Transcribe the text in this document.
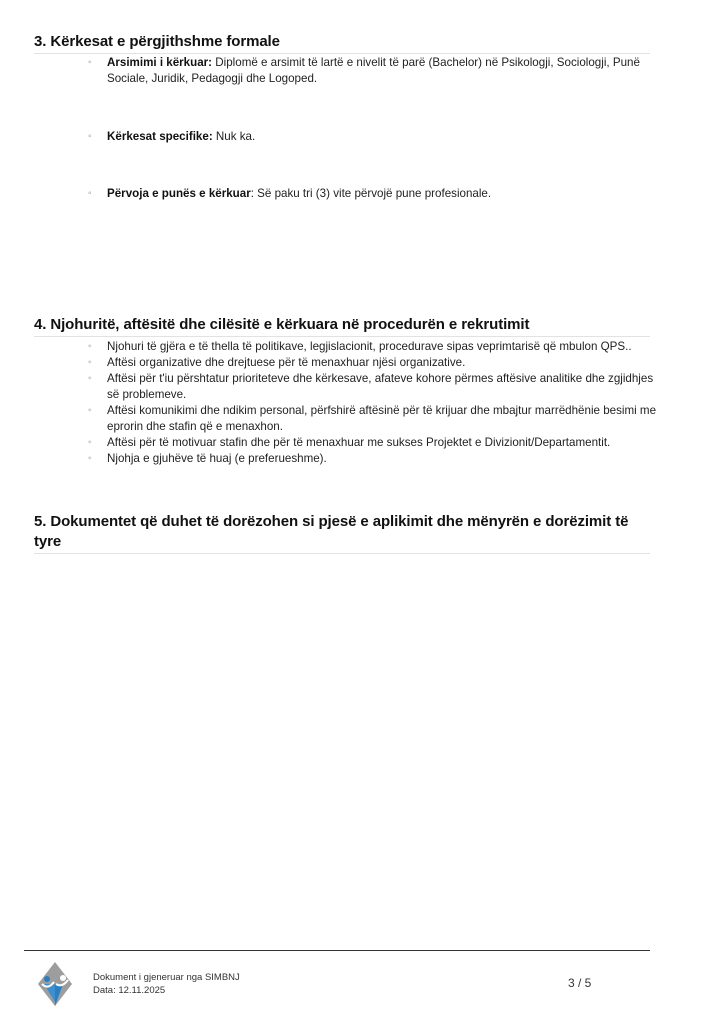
3. Kërkesat e përgjithshme formale
◦ Arsimimi i kërkuar: Diplomë e arsimit të lartë e nivelit të parë (Bachelor) në Psikologji, Sociologji, Punë Sociale, Juridik, Pedagogji dhe Logoped.
◦ Kërkesat specifike: Nuk ka.
◦ Përvoja e punës e kërkuar: Së paku tri (3) vite përvojë pune profesionale.
4. Njohuritë, aftësitë dhe cilësitë e kërkuara në procedurën e rekrutimit
◦ Njohuri të gjëra e të thella të politikave, legjislacionit, procedurave sipas veprimtarisë që mbulon QPS..
◦ Aftësi organizative dhe drejtuese për të menaxhuar njësi organizative.
◦ Aftësi për t'iu përshtatur prioriteteve dhe kërkesave, afateve kohore përmes aftësive analitike dhe zgjidhjes së problemeve.
◦ Aftësi komunikimi dhe ndikim personal, përfshirë aftësinë për të krijuar dhe mbajtur marrëdhënie besimi me eprorin dhe stafin që e menaxhon.
◦ Aftësi për të motivuar stafin dhe për të menaxhuar me sukses Projektet e Divizionit/Departamentit.
◦ Njohja e gjuhëve të huaj (e preferueshme).
5. Dokumentet që duhet të dorëzohen si pjesë e aplikimit dhe mënyrën e dorëzimit të tyre
Dokument i gjeneruar nga SIMBNJ
Data: 12.11.2025
3 / 5
